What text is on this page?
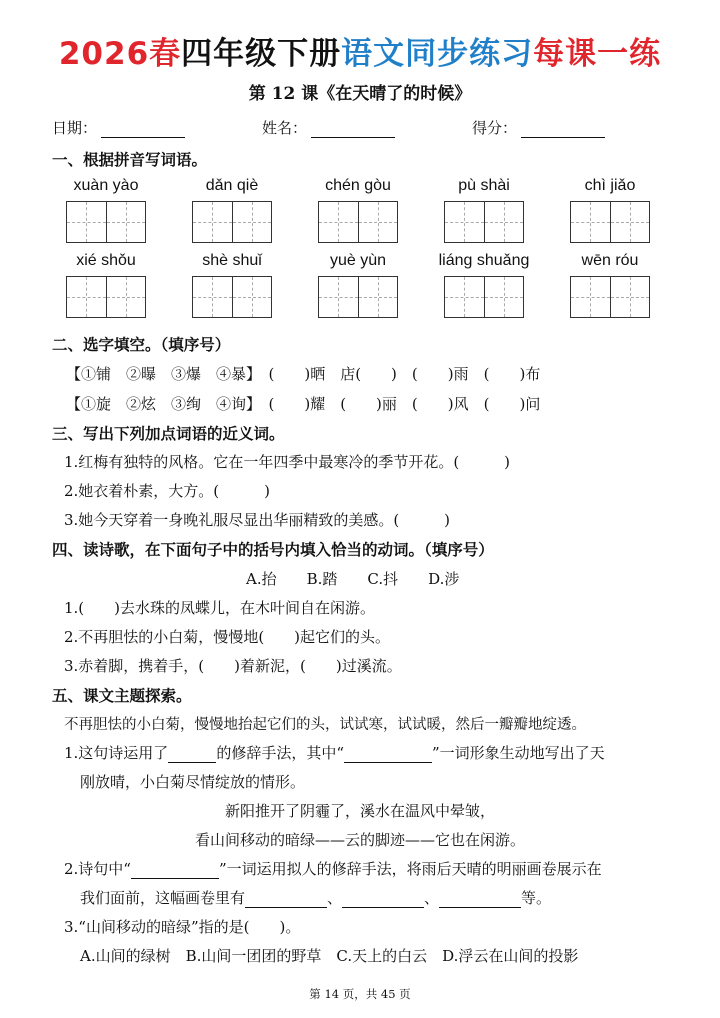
2026春四年级下册语文同步练习每课一练
第 12 课《在天晴了的时候》
日期：	姓名：	得分：
一、根据拼音写词语。
xuàn yào	dǎn qiè	chén gòu	pù shài	chì jiǎo
xié shǒu	shè shuǐ	yuè yùn	liáng shuǎng	wēn róu
二、选字填空。（填序号）
【①铺　②曝　③爆　④暴】　(　　)晒　店(　　)　(　　)雨　(　　)布
【①旋　②炫　③绚　④询】　(　　)耀　(　　)丽　(　　)风　(　　)问
三、写出下列加点词语的近义词。
1.红梅有独特的风格。它在一年四季中最寒冷的季节开花。(　　　)
2.她衣着朴素，大方。(　　　)
3.她今天穿着一身晚礼服尽显出华丽精致的美感。(　　　)
四、读诗歌，在下面句子中的括号内填入恰当的动词。（填序号）
A.抬　　B.踏　　C.抖　　D.涉
1.(　　)去水珠的凤蝶儿，在木叶间自在闲游。
2.不再胆怯的小白菊，慢慢地(　　)起它们的头。
3.赤着脚，携着手，(　　)着新泥，(　　)过溪流。
五、课文主题探索。
不再胆怯的小白菊，慢慢地抬起它们的头，试试寒，试试暖，然后一瓣瓣地绽透。
1.这句诗运用了	的修辞手法，其中“	”一词形象生动地写出了天
刚放晴，小白菊尽情绽放的情形。
新阳推开了阴霾了，溪水在温风中晕皱，
看山间移动的暗绿——云的脚迹——它也在闲游。
2.诗句中“	”一词运用拟人的修辞手法，将雨后天晴的明丽画卷展示在
我们面前，这幅画卷里有	、	、	等。
3.“山间移动的暗绿”指的是(　　)。
A.山间的绿树　B.山间一团团的野草　C.天上的白云　D.浮云在山间的投影
第 14 页，共 45 页
